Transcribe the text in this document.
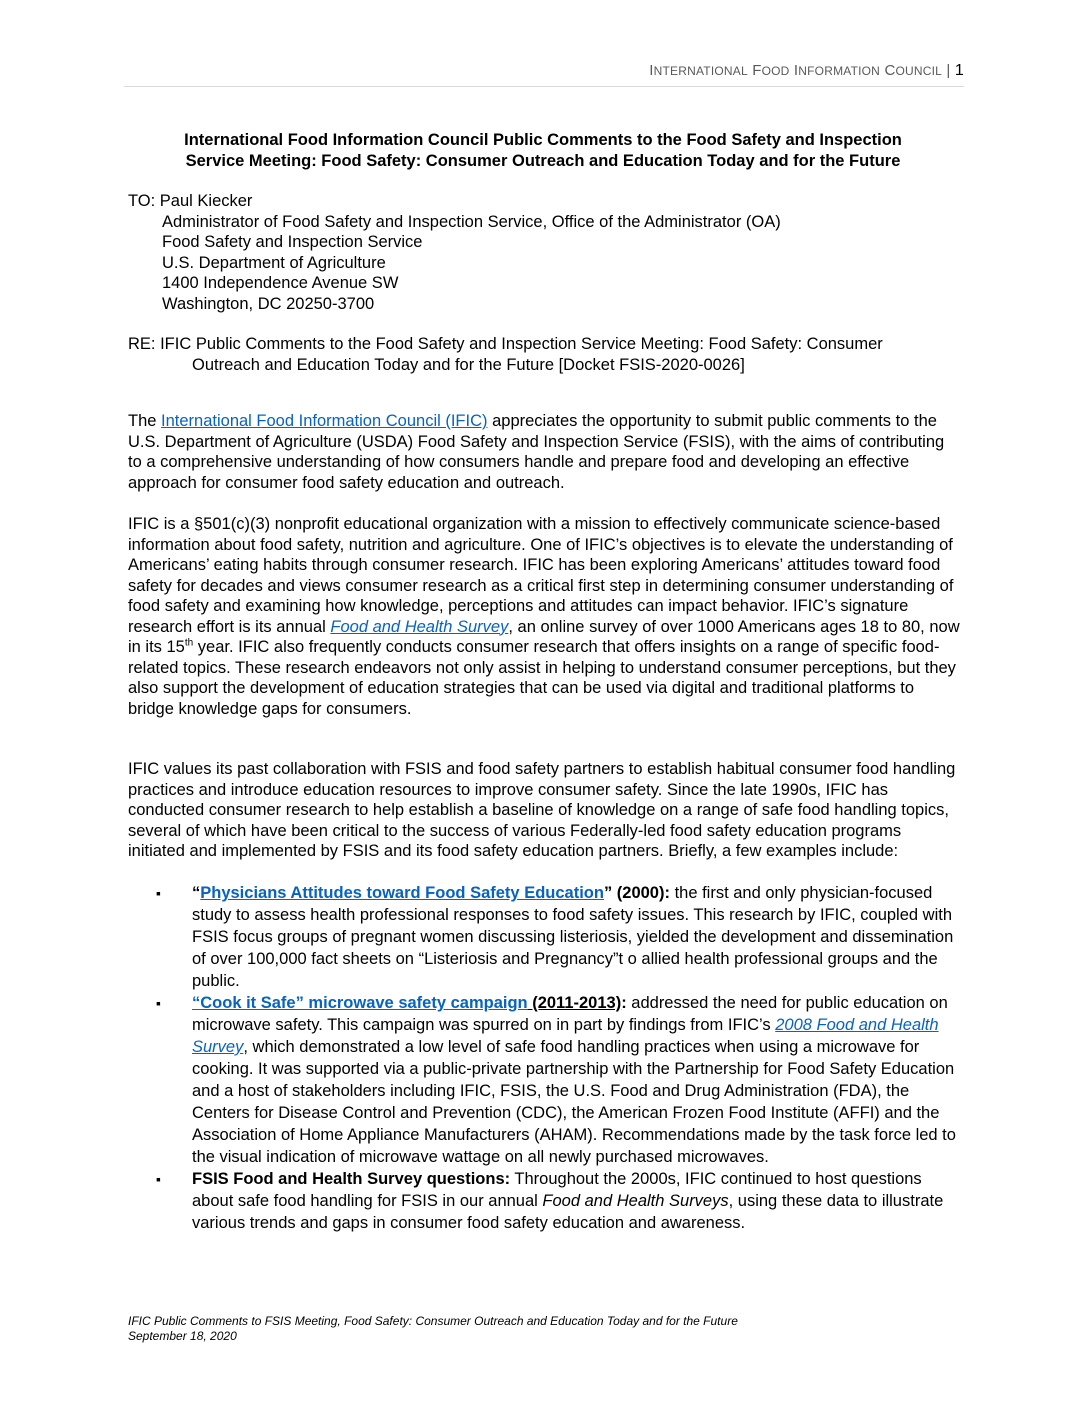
INTERNATIONAL FOOD INFORMATION COUNCIL | 1
International Food Information Council Public Comments to the Food Safety and Inspection
Service Meeting: Food Safety: Consumer Outreach and Education Today and for the Future
TO: Paul Kiecker
Administrator of Food Safety and Inspection Service, Office of the Administrator (OA)
Food Safety and Inspection Service
U.S. Department of Agriculture
1400 Independence Avenue SW
Washington, DC 20250-3700
RE: IFIC Public Comments to the Food Safety and Inspection Service Meeting: Food Safety: Consumer
Outreach and Education Today and for the Future [Docket FSIS-2020-0026]
The International Food Information Council (IFIC) appreciates the opportunity to submit public comments to the U.S. Department of Agriculture (USDA) Food Safety and Inspection Service (FSIS), with the aims of contributing to a comprehensive understanding of how consumers handle and prepare food and developing an effective approach for consumer food safety education and outreach.
IFIC is a §501(c)(3) nonprofit educational organization with a mission to effectively communicate science-based information about food safety, nutrition and agriculture. One of IFIC’s objectives is to elevate the understanding of Americans’ eating habits through consumer research. IFIC has been exploring Americans’ attitudes toward food safety for decades and views consumer research as a critical first step in determining consumer understanding of food safety and examining how knowledge, perceptions and attitudes can impact behavior. IFIC’s signature research effort is its annual Food and Health Survey, an online survey of over 1000 Americans ages 18 to 80, now in its 15th year. IFIC also frequently conducts consumer research that offers insights on a range of specific food-related topics. These research endeavors not only assist in helping to understand consumer perceptions, but they also support the development of education strategies that can be used via digital and traditional platforms to bridge knowledge gaps for consumers.
IFIC values its past collaboration with FSIS and food safety partners to establish habitual consumer food handling practices and introduce education resources to improve consumer safety. Since the late 1990s, IFIC has conducted consumer research to help establish a baseline of knowledge on a range of safe food handling topics, several of which have been critical to the success of various Federally-led food safety education programs initiated and implemented by FSIS and its food safety education partners. Briefly, a few examples include:
▪ “Physicians Attitudes toward Food Safety Education” (2000): the first and only physician-focused study to assess health professional responses to food safety issues. This research by IFIC, coupled with FSIS focus groups of pregnant women discussing listeriosis, yielded the development and dissemination of over 100,000 fact sheets on “Listeriosis and Pregnancy”t o allied health professional groups and the public.
▪ “Cook it Safe” microwave safety campaign (2011-2013): addressed the need for public education on microwave safety. This campaign was spurred on in part by findings from IFIC’s 2008 Food and Health Survey, which demonstrated a low level of safe food handling practices when using a microwave for cooking. It was supported via a public-private partnership with the Partnership for Food Safety Education and a host of stakeholders including IFIC, FSIS, the U.S. Food and Drug Administration (FDA), the Centers for Disease Control and Prevention (CDC), the American Frozen Food Institute (AFFI) and the Association of Home Appliance Manufacturers (AHAM). Recommendations made by the task force led to the visual indication of microwave wattage on all newly purchased microwaves.
▪ FSIS Food and Health Survey questions: Throughout the 2000s, IFIC continued to host questions about safe food handling for FSIS in our annual Food and Health Surveys, using these data to illustrate various trends and gaps in consumer food safety education and awareness.
IFIC Public Comments to FSIS Meeting, Food Safety: Consumer Outreach and Education Today and for the Future
September 18, 2020
